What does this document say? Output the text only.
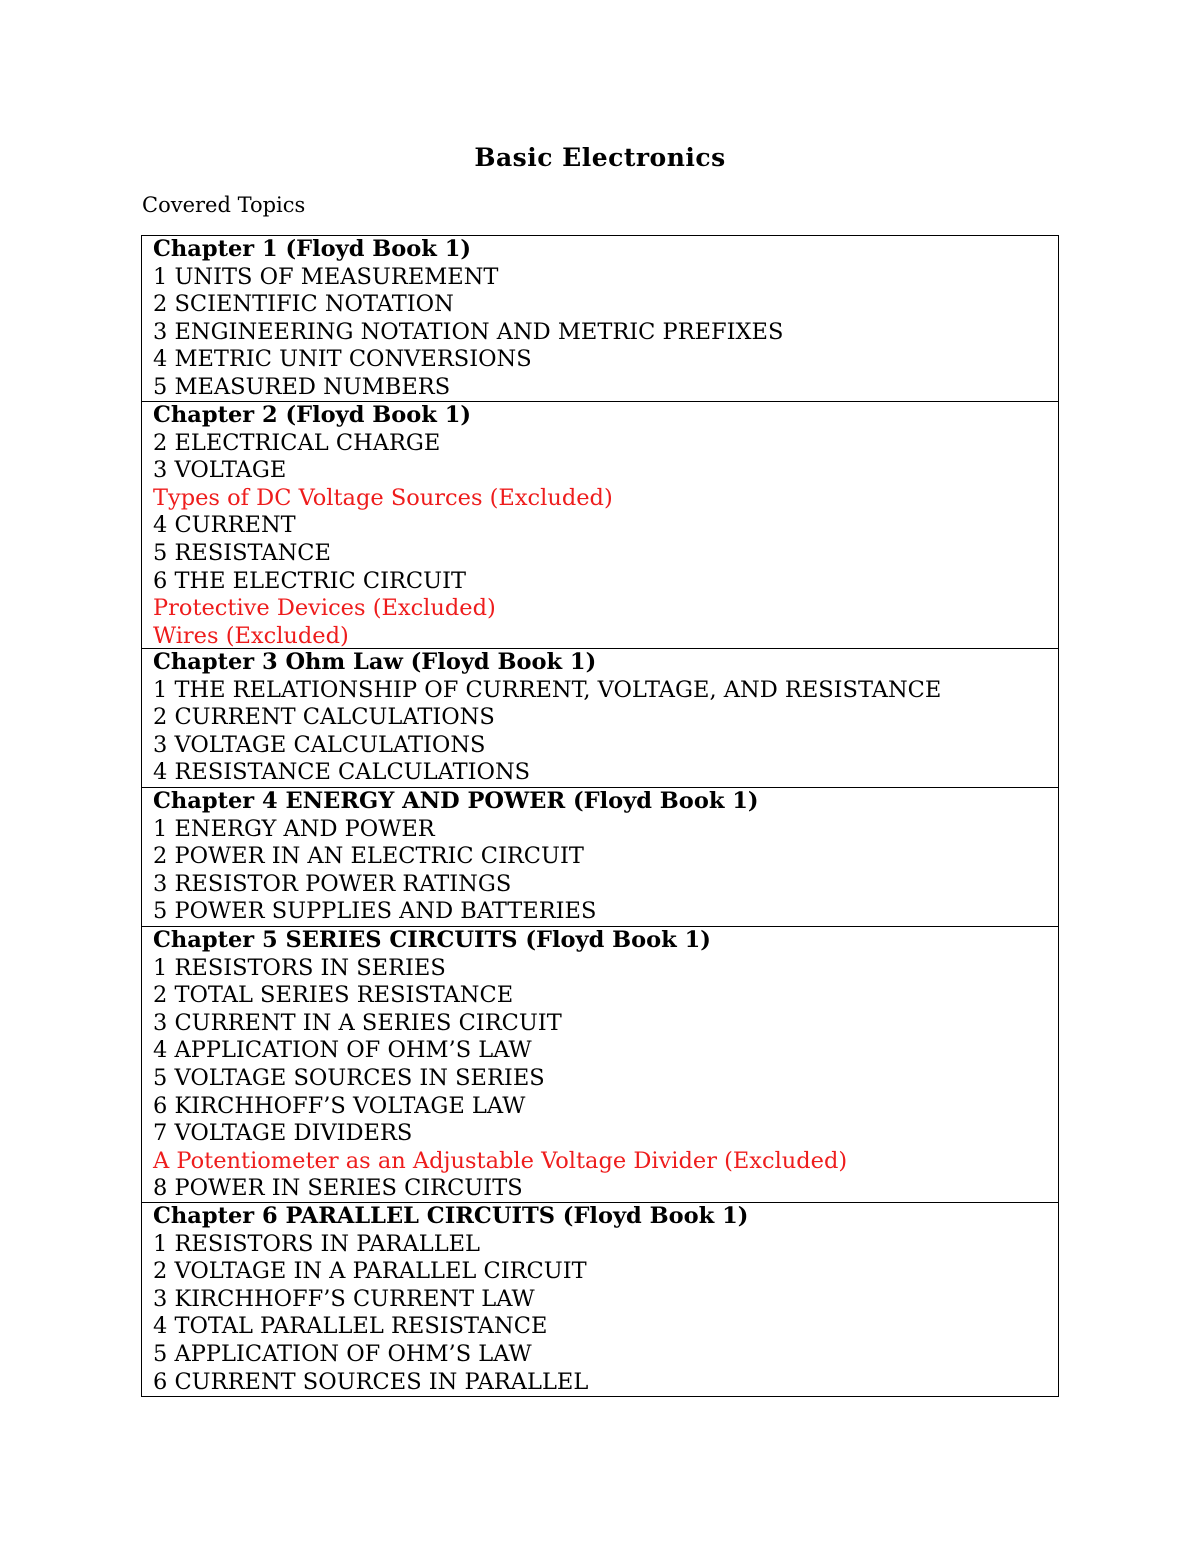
Basic Electronics
Covered Topics
Chapter 1 (Floyd Book 1)
1 UNITS OF MEASUREMENT
2 SCIENTIFIC NOTATION
3 ENGINEERING NOTATION AND METRIC PREFIXES
4 METRIC UNIT CONVERSIONS
5 MEASURED NUMBERS
Chapter 2 (Floyd Book 1)
2 ELECTRICAL CHARGE
3 VOLTAGE
Types of DC Voltage Sources (Excluded)
4 CURRENT
5 RESISTANCE
6 THE ELECTRIC CIRCUIT
Protective Devices (Excluded)
Wires (Excluded)
Chapter 3 Ohm Law (Floyd Book 1)
1 THE RELATIONSHIP OF CURRENT, VOLTAGE, AND RESISTANCE
2 CURRENT CALCULATIONS
3 VOLTAGE CALCULATIONS
4 RESISTANCE CALCULATIONS
Chapter 4 ENERGY AND POWER (Floyd Book 1)
1 ENERGY AND POWER
2 POWER IN AN ELECTRIC CIRCUIT
3 RESISTOR POWER RATINGS
5 POWER SUPPLIES AND BATTERIES
Chapter 5 SERIES CIRCUITS (Floyd Book 1)
1 RESISTORS IN SERIES
2 TOTAL SERIES RESISTANCE
3 CURRENT IN A SERIES CIRCUIT
4 APPLICATION OF OHM’S LAW
5 VOLTAGE SOURCES IN SERIES
6 KIRCHHOFF’S VOLTAGE LAW
7 VOLTAGE DIVIDERS
A Potentiometer as an Adjustable Voltage Divider (Excluded)
8 POWER IN SERIES CIRCUITS
Chapter 6 PARALLEL CIRCUITS (Floyd Book 1)
1 RESISTORS IN PARALLEL
2 VOLTAGE IN A PARALLEL CIRCUIT
3 KIRCHHOFF’S CURRENT LAW
4 TOTAL PARALLEL RESISTANCE
5 APPLICATION OF OHM’S LAW
6 CURRENT SOURCES IN PARALLEL
